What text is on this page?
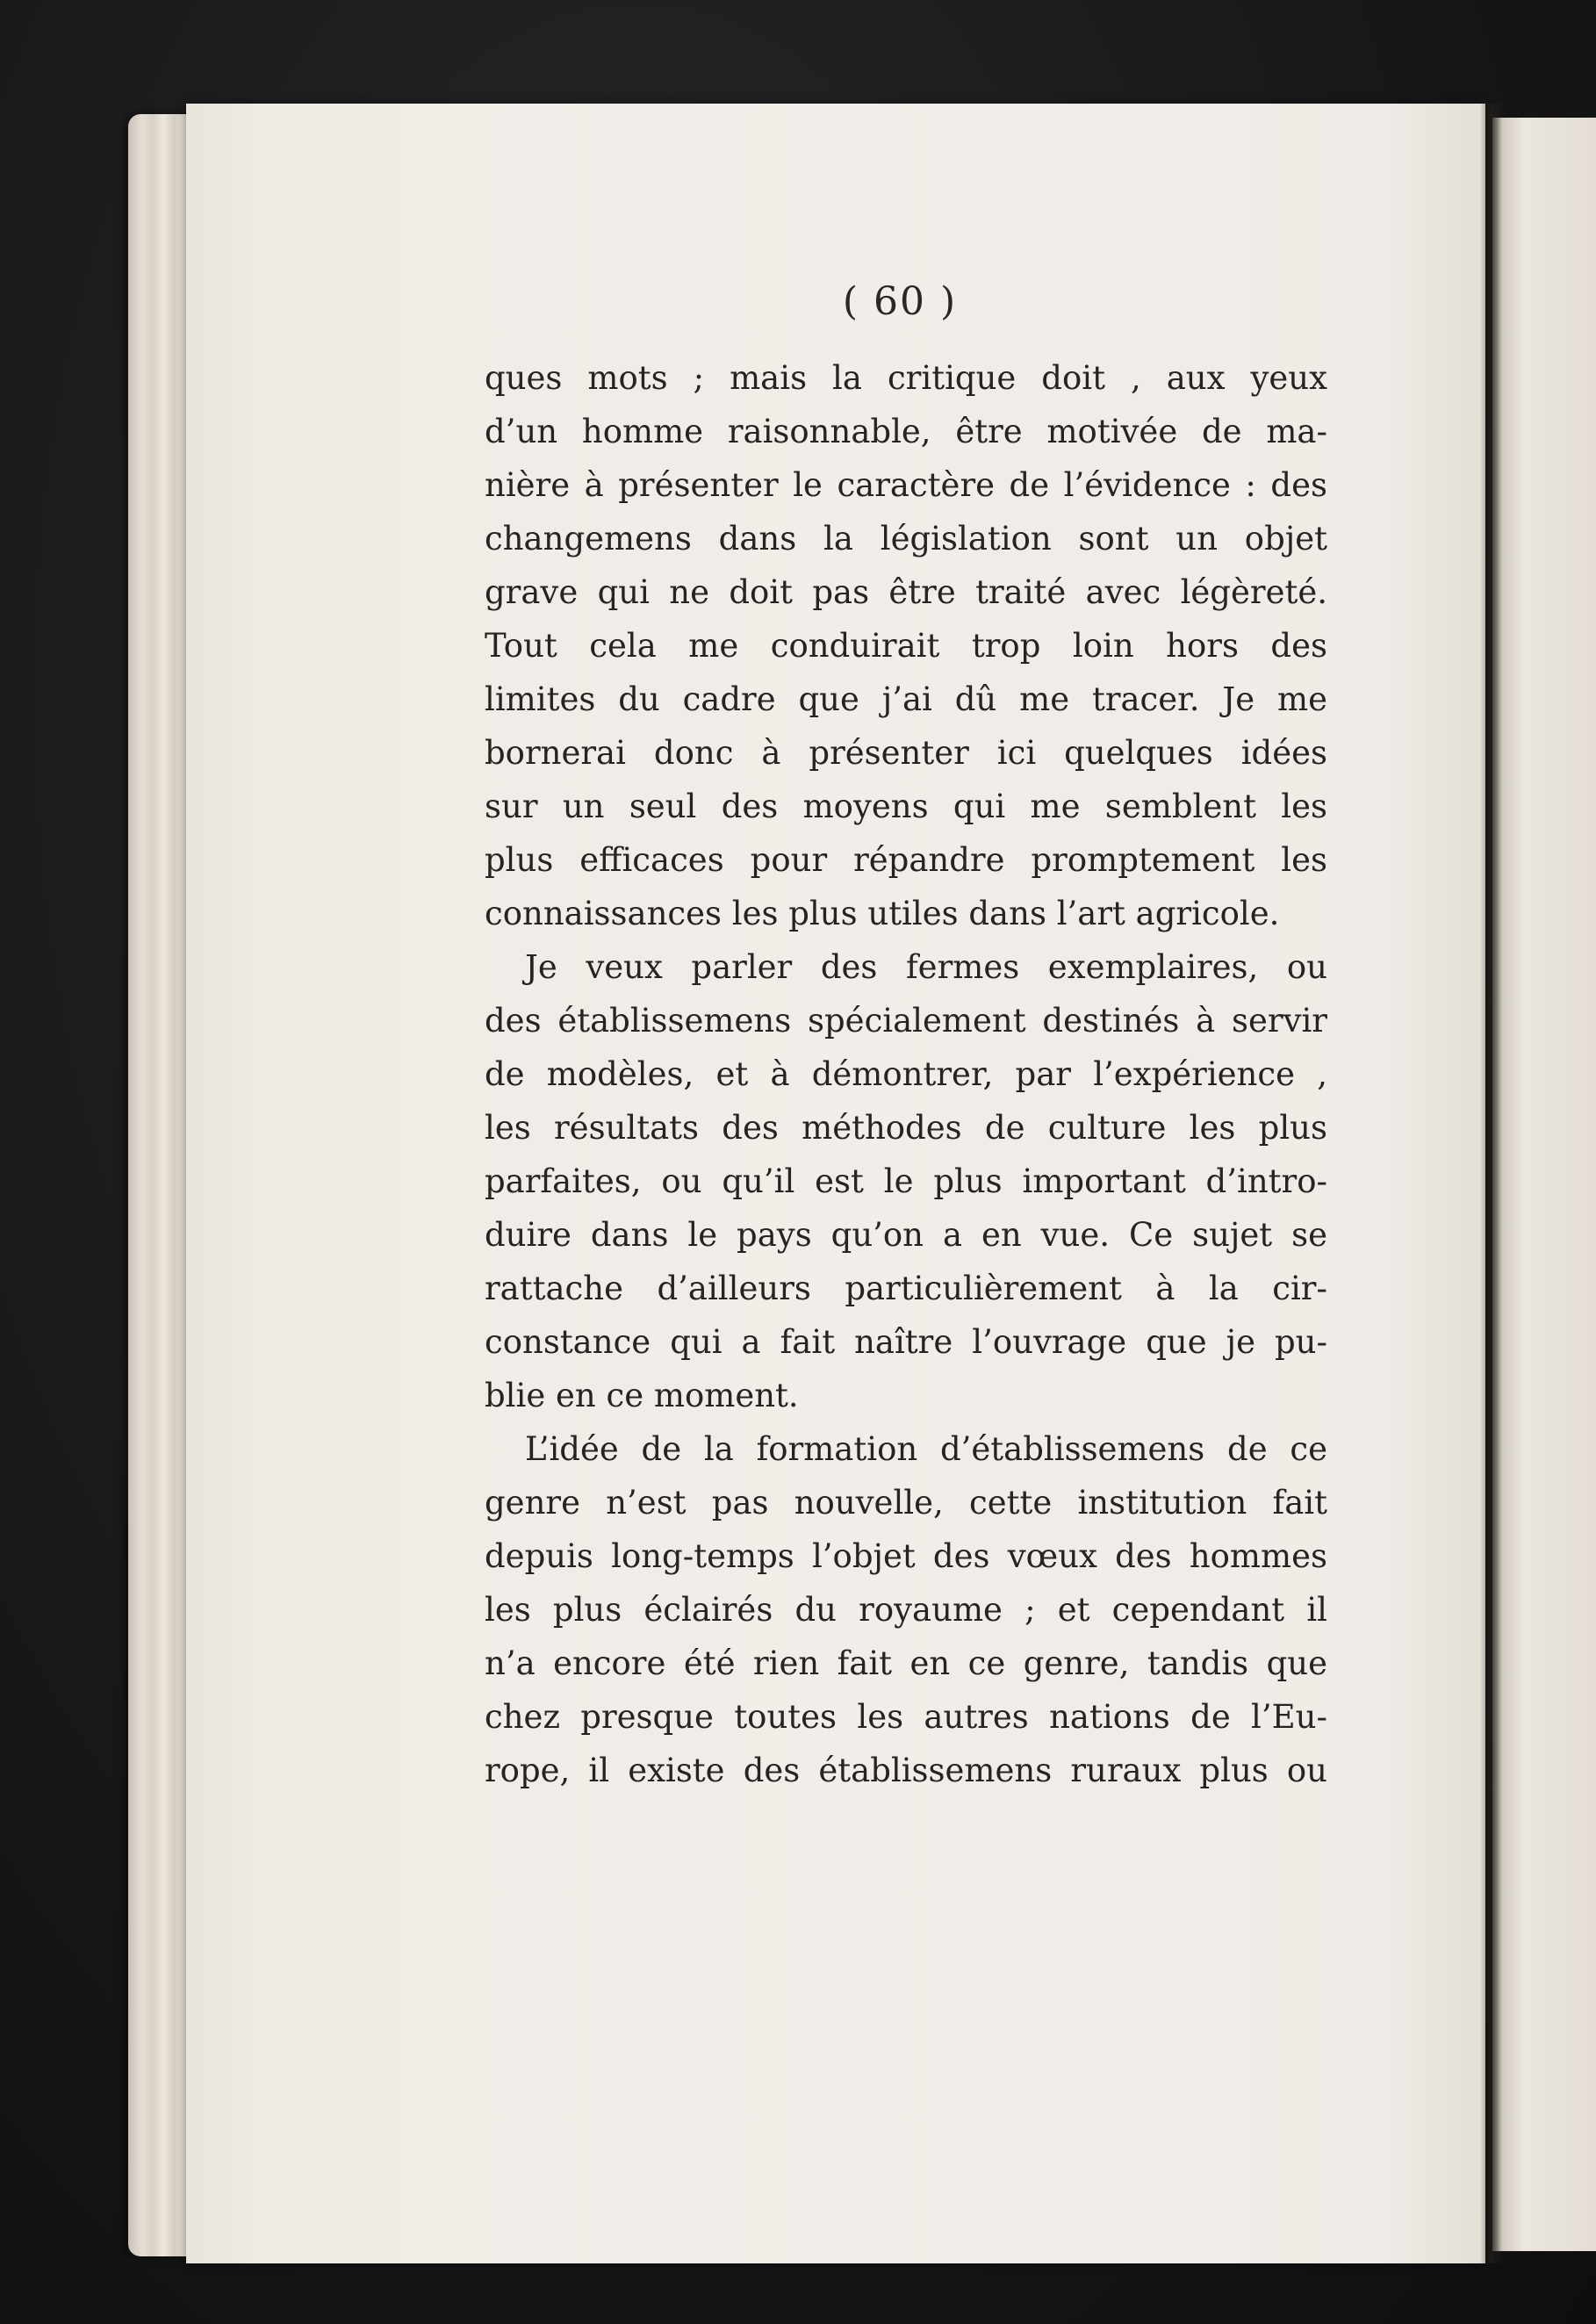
( 60 )
ques mots ; mais la critique doit , aux yeux
d’un homme raisonnable, être motivée de ma-
nière à présenter le caractère de l’évidence : des
changemens dans la législation sont un objet
grave qui ne doit pas être traité avec légèreté.
Tout cela me conduirait trop loin hors des
limites du cadre que j’ai dû me tracer. Je me
bornerai donc à présenter ici quelques idées
sur un seul des moyens qui me semblent les
plus efficaces pour répandre promptement les
connaissances les plus utiles dans l’art agricole.
Je veux parler des fermes exemplaires, ou
des établissemens spécialement destinés à servir
de modèles, et à démontrer, par l’expérience ,
les résultats des méthodes de culture les plus
parfaites, ou qu’il est le plus important d’intro-
duire dans le pays qu’on a en vue. Ce sujet se
rattache d’ailleurs particulièrement à la cir-
constance qui a fait naître l’ouvrage que je pu-
blie en ce moment.
L’idée de la formation d’établissemens de ce
genre n’est pas nouvelle, cette institution fait
depuis long-temps l’objet des vœux des hommes
les plus éclairés du royaume ; et cependant il
n’a encore été rien fait en ce genre, tandis que
chez presque toutes les autres nations de l’Eu-
rope, il existe des établissemens ruraux plus ou
